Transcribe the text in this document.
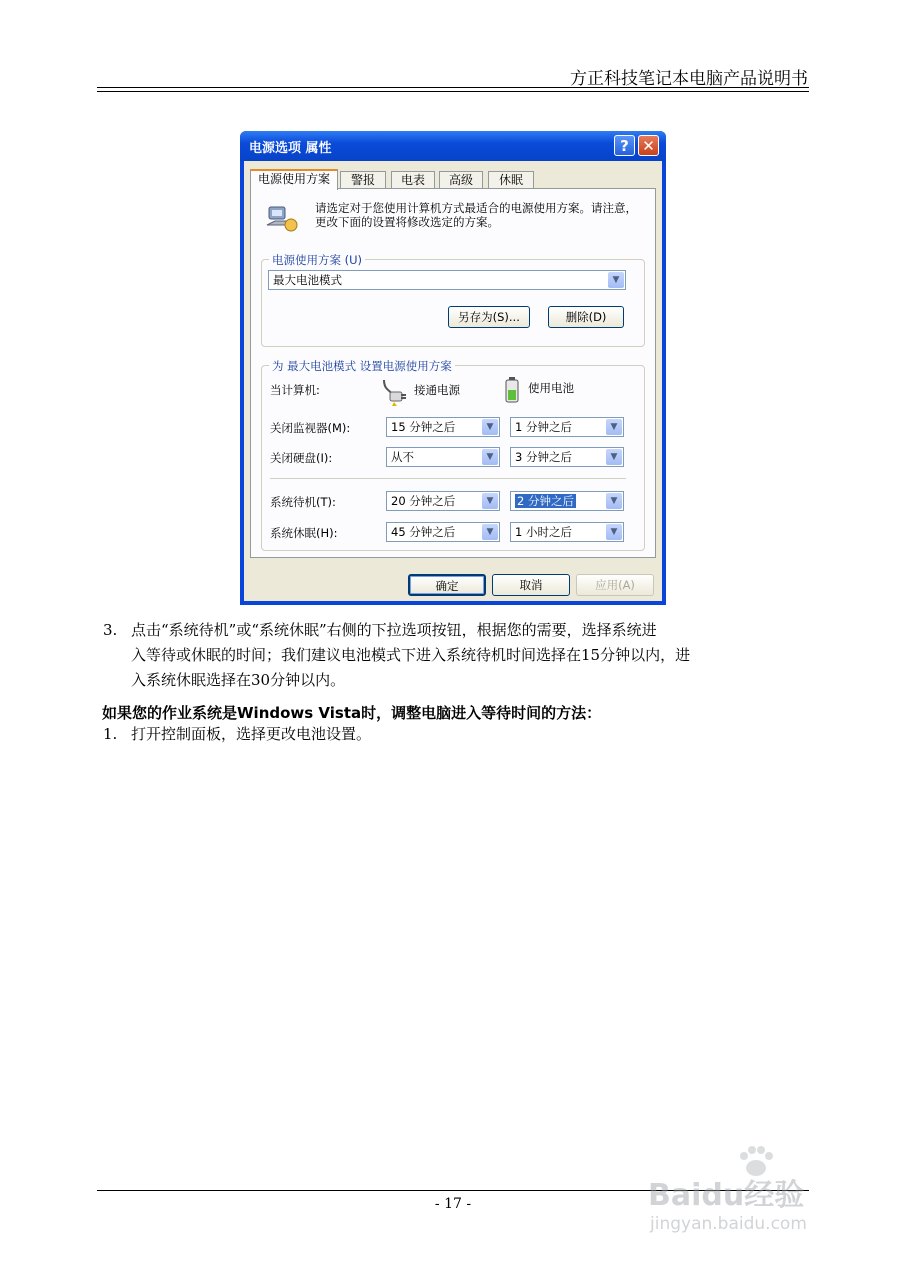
方正科技笔记本电脑产品说明书
电源选项 属性	? ✕
电源使用方案	警报	电表	高级	休眠
请选定对于您使用计算机方式最适合的电源使用方案。请注意，更改下面的设置将修改选定的方案。
电源使用方案 (U)
最大电池模式	▼
另存为(S)...	删除(D)
为 最大电池模式 设置电源使用方案
当计算机:	接通电源	使用电池
关闭监视器(M):	15 分钟之后	▼	1 分钟之后	▼
关闭硬盘(I):	从不	▼	3 分钟之后	▼
系统待机(T):	20 分钟之后	▼	2 分钟之后	▼
系统休眠(H):	45 分钟之后	▼	1 小时之后	▼
确定	取消	应用(A)
3. 点击“系统待机”或“系统休眠”右侧的下拉选项按钮，根据您的需要，选择系统进
入等待或休眠的时间；我们建议电池模式下进入系统待机时间选择在15分钟以内，进
入系统休眠选择在30分钟以内。
如果您的作业系统是Windows Vista时，调整电脑进入等待时间的方法：
1. 打开控制面板，选择更改电池设置。
- 17 -	Baidu经验
jingyan.baidu.com
